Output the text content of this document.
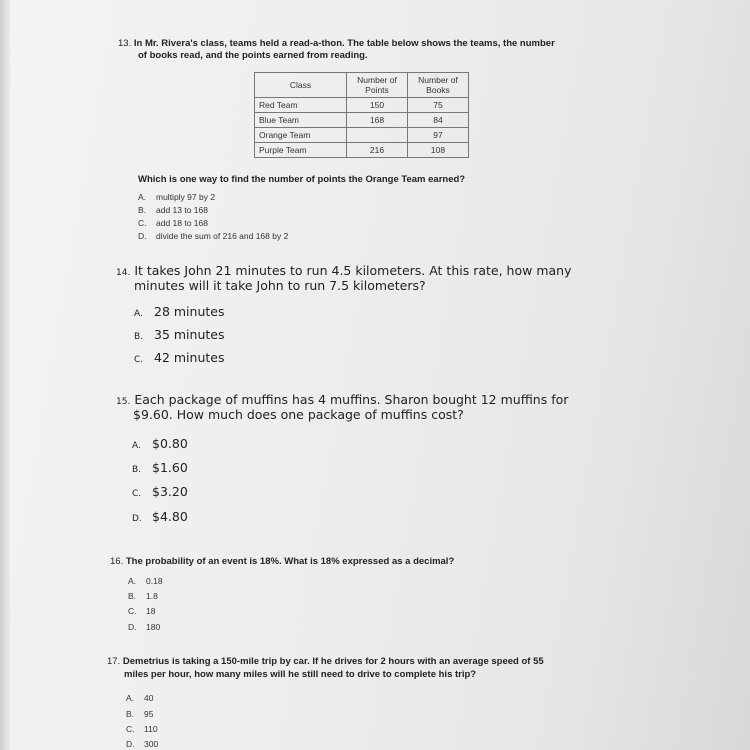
13. In Mr. Rivera's class, teams held a read-a-thon. The table below shows the teams, the number
of books read, and the points earned from reading.
Class	Number of Points	Number of Books
Red Team	150	75
Blue Team	168	84
Orange Team		97
Purple Team	216	108
Which is one way to find the number of points the Orange Team earned?
A. multiply 97 by 2
B. add 13 to 168
C. add 18 to 168
D. divide the sum of 216 and 168 by 2
14. It takes John 21 minutes to run 4.5 kilometers. At this rate, how many
minutes will it take John to run 7.5 kilometers?
A. 28 minutes
B. 35 minutes
C. 42 minutes
15. Each package of muffins has 4 muffins. Sharon bought 12 muffins for
$9.60. How much does one package of muffins cost?
A. $0.80
B. $1.60
C. $3.20
D. $4.80
16. The probability of an event is 18%. What is 18% expressed as a decimal?
A. 0.18
B. 1.8
C. 18
D. 180
17. Demetrius is taking a 150-mile trip by car. If he drives for 2 hours with an average speed of 55
miles per hour, how many miles will he still need to drive to complete his trip?
A. 40
B. 95
C. 110
D. 300
